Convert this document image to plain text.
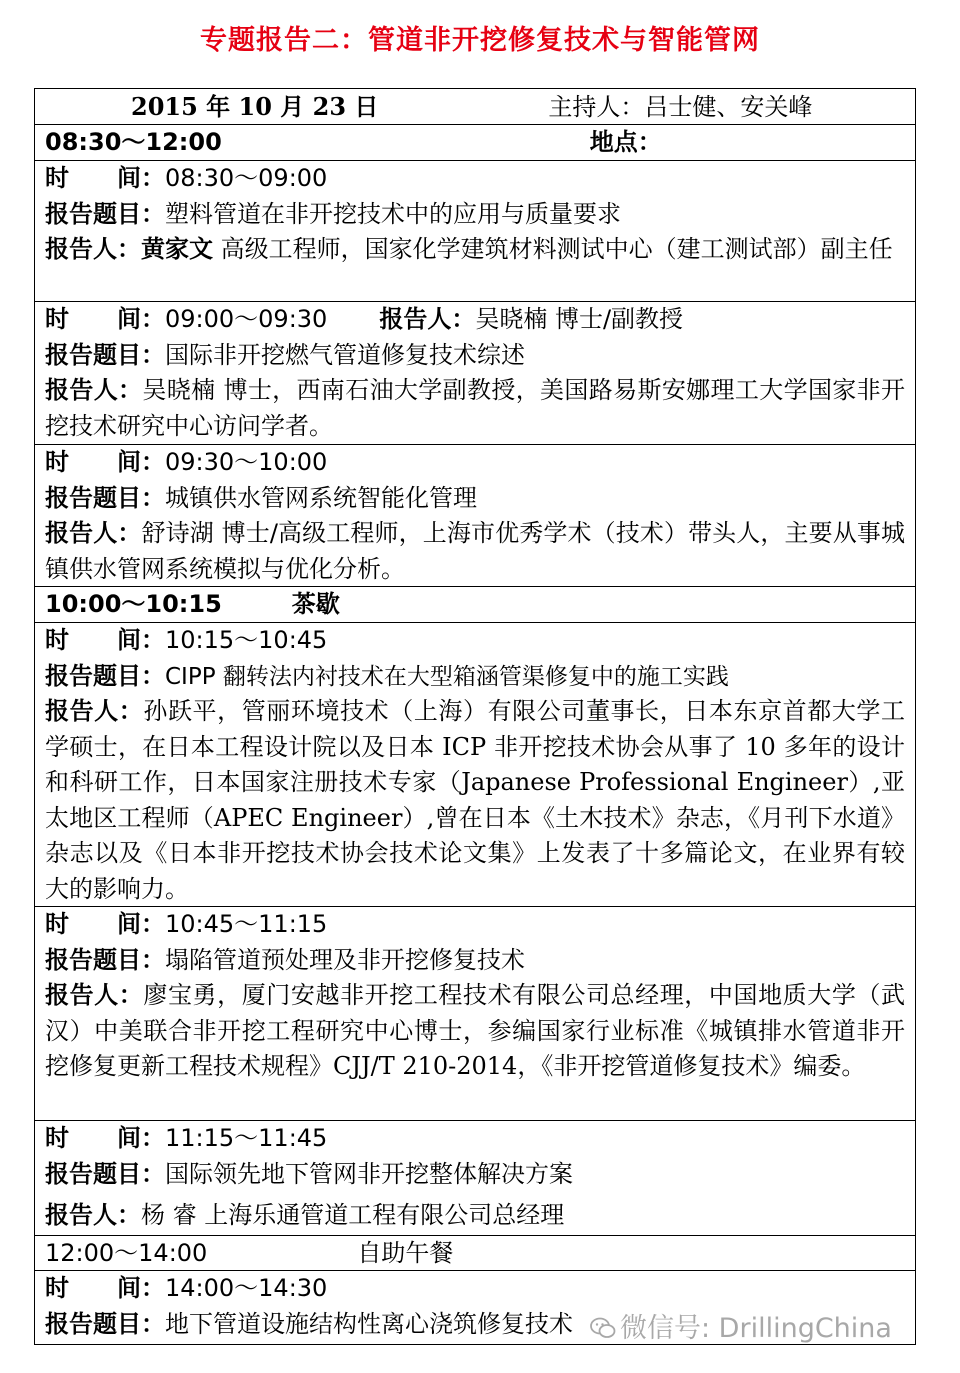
专题报告二：管道非开挖修复技术与智能管网
2015 年 10 月 23 日	主持人：吕士健、安关峰
08:30～12:00	地点：
时　　间：08:30～09:00
报告题目：塑料管道在非开挖技术中的应用与质量要求
报告人：黄家文 高级工程师，国家化学建筑材料测试中心（建工测试部）副主任
时　　间：09:00～09:30 报告人：吴晓楠 博士/副教授
报告题目：国际非开挖燃气管道修复技术综述
报告人：吴晓楠 博士，西南石油大学副教授，美国路易斯安娜理工大学国家非开挖技术研究中心访问学者。
时　　间：09:30～10:00
报告题目：城镇供水管网系统智能化管理
报告人：舒诗湖 博士/高级工程师，上海市优秀学术（技术）带头人，主要从事城镇供水管网系统模拟与优化分析。
10:00～10:15	茶歇
时　　间：10:15～10:45
报告题目：CIPP 翻转法内衬技术在大型箱涵管渠修复中的施工实践
报告人：孙跃平，管丽环境技术（上海）有限公司董事长，日本东京首都大学工学硕士，在日本工程设计院以及日本 ICP 非开挖技术协会从事了 10 多年的设计和科研工作，日本国家注册技术专家（Japanese Professional Engineer）,亚太地区工程师（APEC Engineer）,曾在日本《土木技术》杂志，《月刊下水道》杂志以及《日本非开挖技术协会技术论文集》上发表了十多篇论文，在业界有较大的影响力。
时　　间：10:45～11:15
报告题目：塌陷管道预处理及非开挖修复技术
报告人：廖宝勇，厦门安越非开挖工程技术有限公司总经理，中国地质大学（武汉）中美联合非开挖工程研究中心博士，参编国家行业标准《城镇排水管道非开挖修复更新工程技术规程》CJJ/T 210-2014，《非开挖管道修复技术》编委。
时　　间：11:15～11:45
报告题目：国际领先地下管网非开挖整体解决方案
报告人：杨 睿 上海乐通管道工程有限公司总经理
12:00～14:00	自助午餐
时　　间：14:00～14:30
报告题目：地下管道设施结构性离心浇筑修复技术	微信号: DrillingChina
